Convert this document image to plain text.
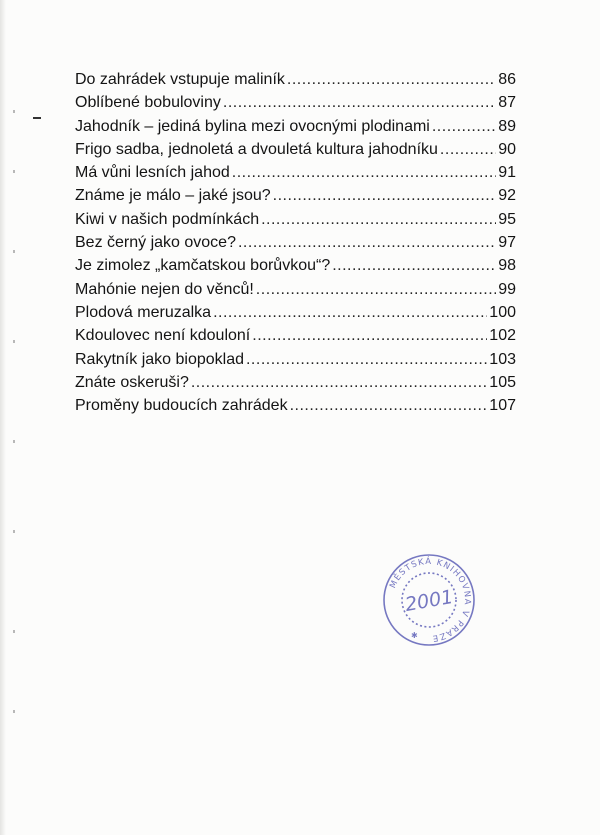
Do zahrádek vstupuje maliník .....	86
Oblíbené bobuloviny .....	87
Jahodník – jediná bylina mezi ovocnými plodinami .....	89
Frigo sadba, jednoletá a dvouletá kultura jahodníku .....	90
Má vůni lesních jahod .....	91
Známe je málo – jaké jsou? .....	92
Kiwi v našich podmínkách .....	95
Bez černý jako ovoce? .....	97
Je zimolez „kamčatskou borůvkou“? .....	98
Mahónie nejen do věnců! .....	99
Plodová meruzalka .....	100
Kdoulovec není kdouloní .....	102
Rakytník jako biopoklad .....	103
Znáte oskeruši? .....	105
Proměny budoucích zahrádek .....	107
MĚSTSKÁ KNIHOVNA V PRAZE
2001
✱
